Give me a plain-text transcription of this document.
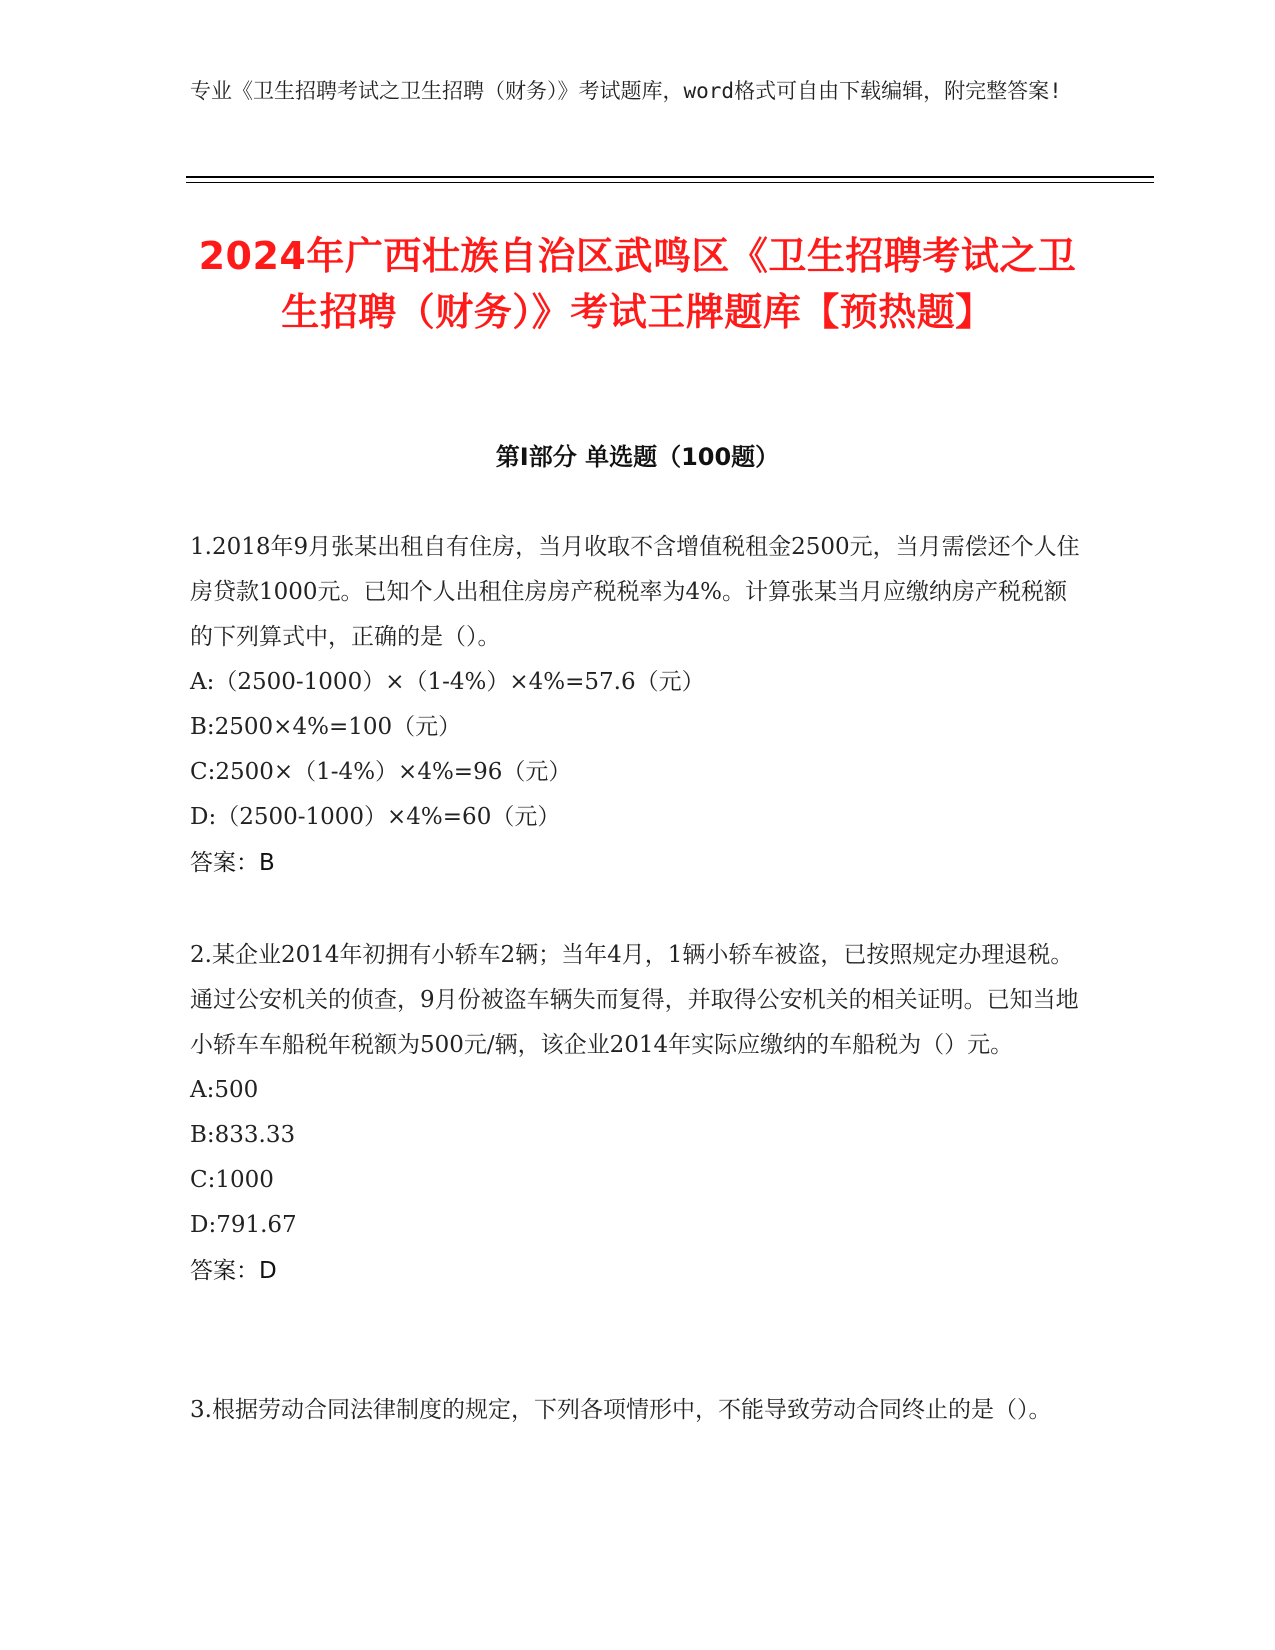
专业《卫生招聘考试之卫生招聘（财务）》考试题库，word格式可自由下载编辑，附完整答案!
2024年广西壮族自治区武鸣区《卫生招聘考试之卫生招聘（财务）》考试王牌题库【预热题】
第I部分 单选题（100题）
1.2018年9月张某出租自有住房，当月收取不含增值税租金2500元，当月需偿还个人住房贷款1000元。已知个人出租住房房产税税率为4%。计算张某当月应缴纳房产税税额的下列算式中，正确的是（）。
A:（2500-1000）×（1-4%）×4%=57.6（元）
B:2500×4%=100（元）
C:2500×（1-4%）×4%=96（元）
D:（2500-1000）×4%=60（元）
答案：B
2.某企业2014年初拥有小轿车2辆；当年4月，1辆小轿车被盗，已按照规定办理退税。通过公安机关的侦查，9月份被盗车辆失而复得，并取得公安机关的相关证明。已知当地小轿车车船税年税额为500元/辆，该企业2014年实际应缴纳的车船税为（）元。
A:500
B:833.33
C:1000
D:791.67
答案：D
3.根据劳动合同法律制度的规定，下列各项情形中，不能导致劳动合同终止的是（）。
